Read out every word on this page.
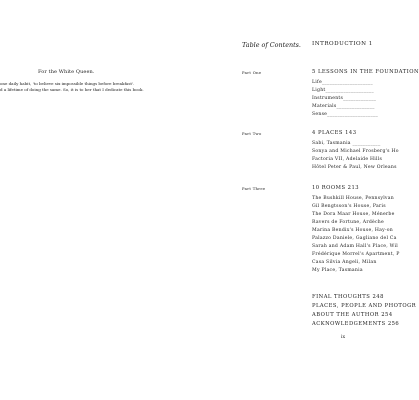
For the White Queen.
one daily habit, 'to believe six impossible things before breakfast'.
d a lifetime of doing the same. So, it is to her that I dedicate this book.
Table of Contents. INTRODUCTION 1
Part One	5 LESSONS IN THE FOUNDATION
Life____________________
Light___________________
Instruments_____________
Materials_______________
Sense____________________
Part Two	4 PLACES 143
Sabi, Tasmania ___________
Sonya and Michael Frosberg's Ho
Factoria VII, Adelaide Hills
Hôtel Peter & Paul, New Orleans
Part Three	10 ROOMS 213
The Bushkill House, Pennsylvan
Gil Bengtsson's House, Paris
The Dora Maar House, Ménerbe
Ravers de Fortune, Ardèche
Marina Bendix's House, Hay-on
Palazzo Daniele, Gagliano del Ca
Sarah and Adam Hall's Place, Wil
Frédérique Morrel's Apartment, P
Casa Silvia Angeli, Milan
My Place, Tasmania
FINAL THOUGHTS 248
PLACES, PEOPLE AND PHOTOGR
ABOUT THE AUTHOR 254
ACKNOWLEDGEMENTS 256
ix
